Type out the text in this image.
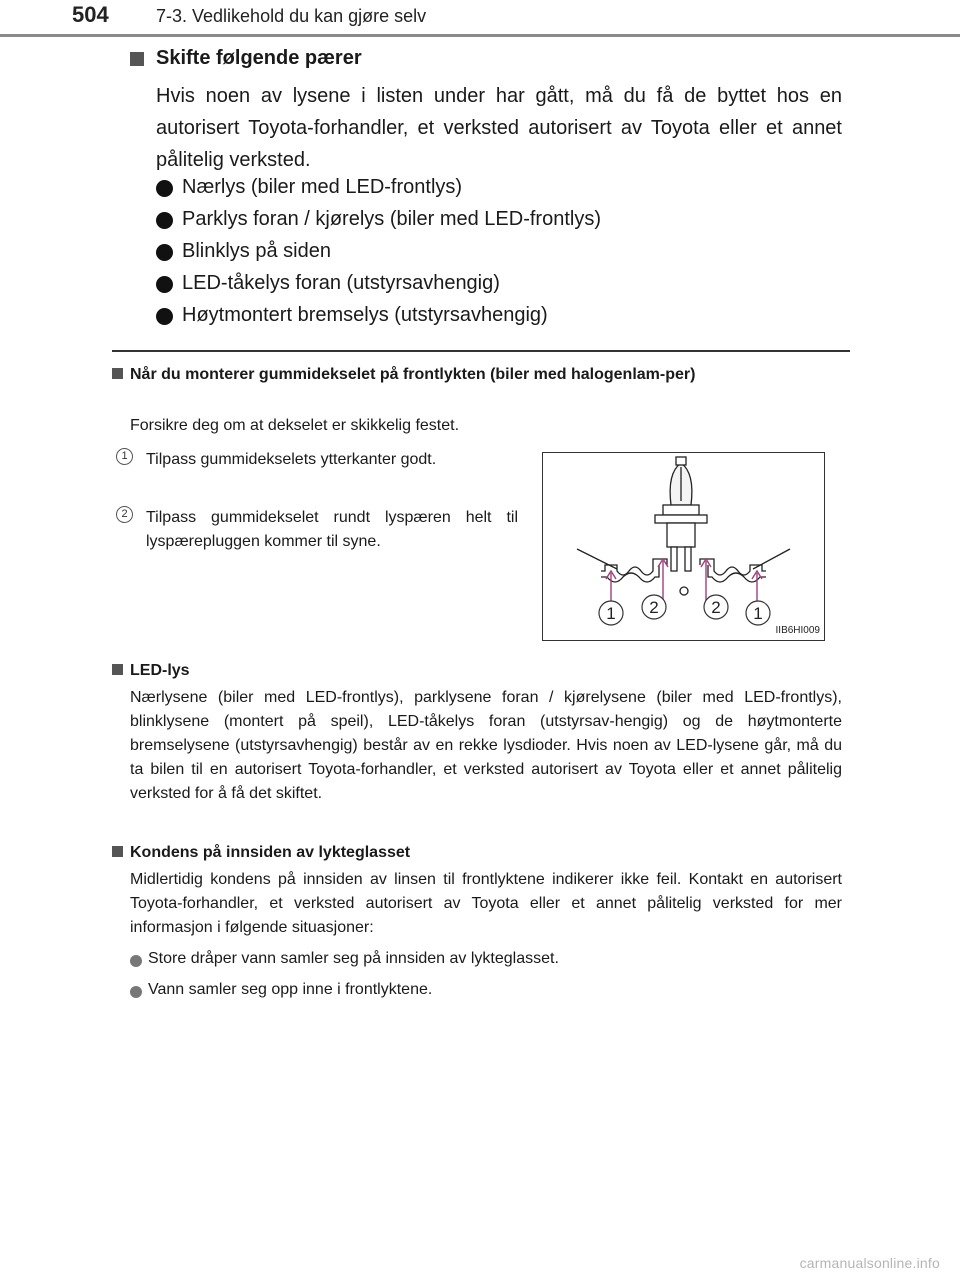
504	7-3. Vedlikehold du kan gjøre selv
Skifte følgende pærer
Hvis noen av lysene i listen under har gått, må du få de byttet hos en autorisert Toyota-forhandler, et verksted autorisert av Toyota eller et annet pålitelig verksted.
Nærlys (biler med LED-frontlys)
Parklys foran / kjørelys (biler med LED-frontlys)
Blinklys på siden
LED-tåkelys foran (utstyrsavhengig)
Høytmontert bremselys (utstyrsavhengig)
Når du monterer gummidekselet på frontlykten (biler med halogenlam-per)
Forsikre deg om at dekselet er skikkelig festet.
1	Tilpass gummidekselets ytterkanter godt.
2	Tilpass gummidekselet rundt lyspæren helt til lyspærepluggen kommer til syne.
1 2	2 1
IIB6HI009
LED-lys
Nærlysene (biler med LED-frontlys), parklysene foran / kjørelysene (biler med LED-frontlys), blinklysene (montert på speil), LED-tåkelys foran (utstyrsav-hengig) og de høytmonterte bremselysene (utstyrsavhengig) består av en rekke lysdioder. Hvis noen av LED-lysene går, må du ta bilen til en autorisert Toyota-forhandler, et verksted autorisert av Toyota eller et annet pålitelig verksted for å få det skiftet.
Kondens på innsiden av lykteglasset
Midlertidig kondens på innsiden av linsen til frontlyktene indikerer ikke feil. Kontakt en autorisert Toyota-forhandler, et verksted autorisert av Toyota eller et annet pålitelig verksted for mer informasjon i følgende situasjoner:
Store dråper vann samler seg på innsiden av lykteglasset.
Vann samler seg opp inne i frontlyktene.
carmanualsonline.info
